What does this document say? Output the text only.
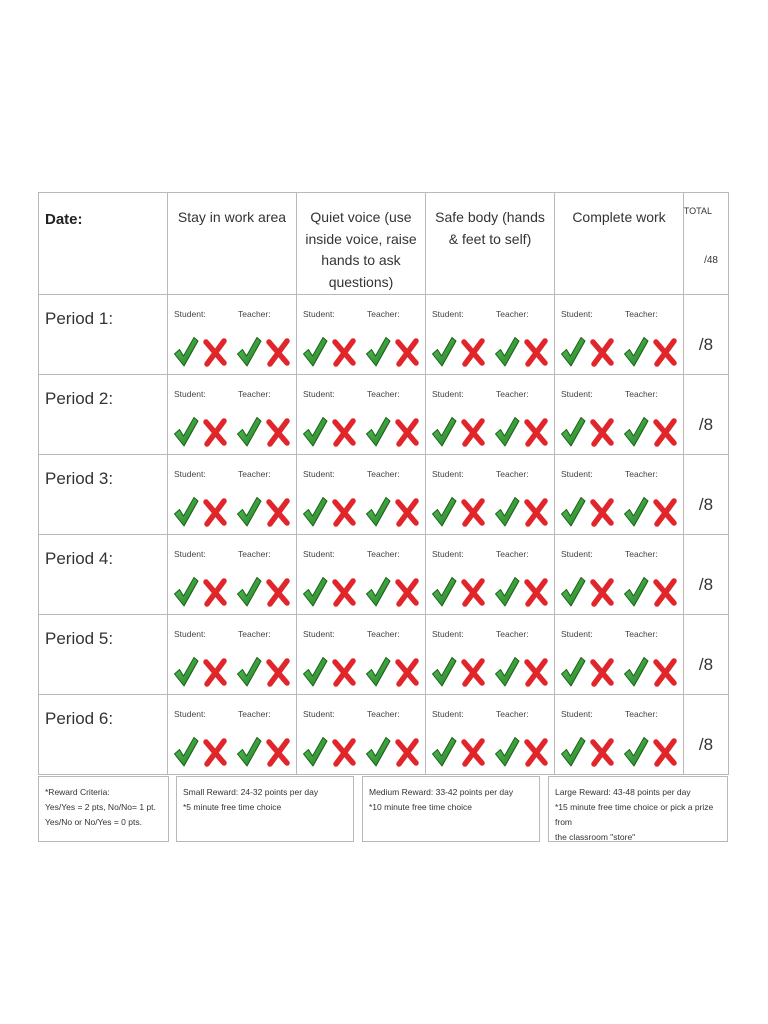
Date:	Stay in work area	Quiet voice (use inside voice, raise hands to ask questions)	Safe body (hands & feet to self)	Complete work	TOTAL
/48

Period 1:	Student: Teacher:	Student: Teacher:	Student: Teacher:	Student: Teacher:	/8

Period 2:	Student: Teacher:	Student: Teacher:	Student: Teacher:	Student: Teacher:	/8

Period 3:	Student: Teacher:	Student: Teacher:	Student: Teacher:	Student: Teacher:	/8

Period 4:	Student: Teacher:	Student: Teacher:	Student: Teacher:	Student: Teacher:	/8

Period 5:	Student: Teacher:	Student: Teacher:	Student: Teacher:	Student: Teacher:	/8

Period 6:	Student: Teacher:	Student: Teacher:	Student: Teacher:	Student: Teacher:	/8
*Reward Criteria:
Yes/Yes = 2 pts, No/No= 1 pt.
Yes/No or No/Yes = 0 pts.
Small Reward: 24-32 points per day
*5 minute free time choice
Medium Reward: 33-42 points per day
*10 minute free time choice
Large Reward: 43-48 points per day
*15 minute free time choice or pick a prize from
the classroom "store"
